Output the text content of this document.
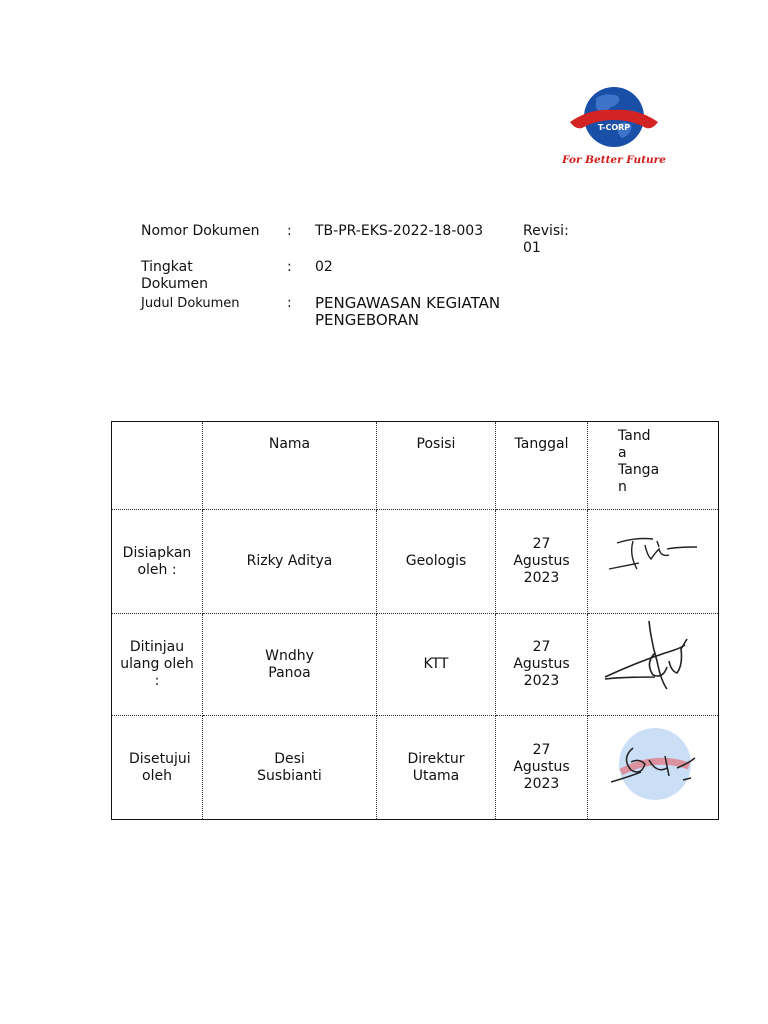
T-CORP
For Better Future
Nomor Dokumen : TB-PR-EKS-2022-18-003	Revisi: 01
Tingkat Dokumen
: 02
Judul Dokumen	: PENGAWASAN KEGIATAN PENGEBORAN
	Nama	Posisi	Tanggal	Tand a Tanga n

Disiapkan oleh :	Rizky Aditya	Geologis	27 Agustus 2023

Ditinjau ulang oleh :	Wndhy Panoa	KTT	27 Agustus 2023

Disetujui oleh	Desi Susbianti	Direktur Utama	27 Agustus 2023
